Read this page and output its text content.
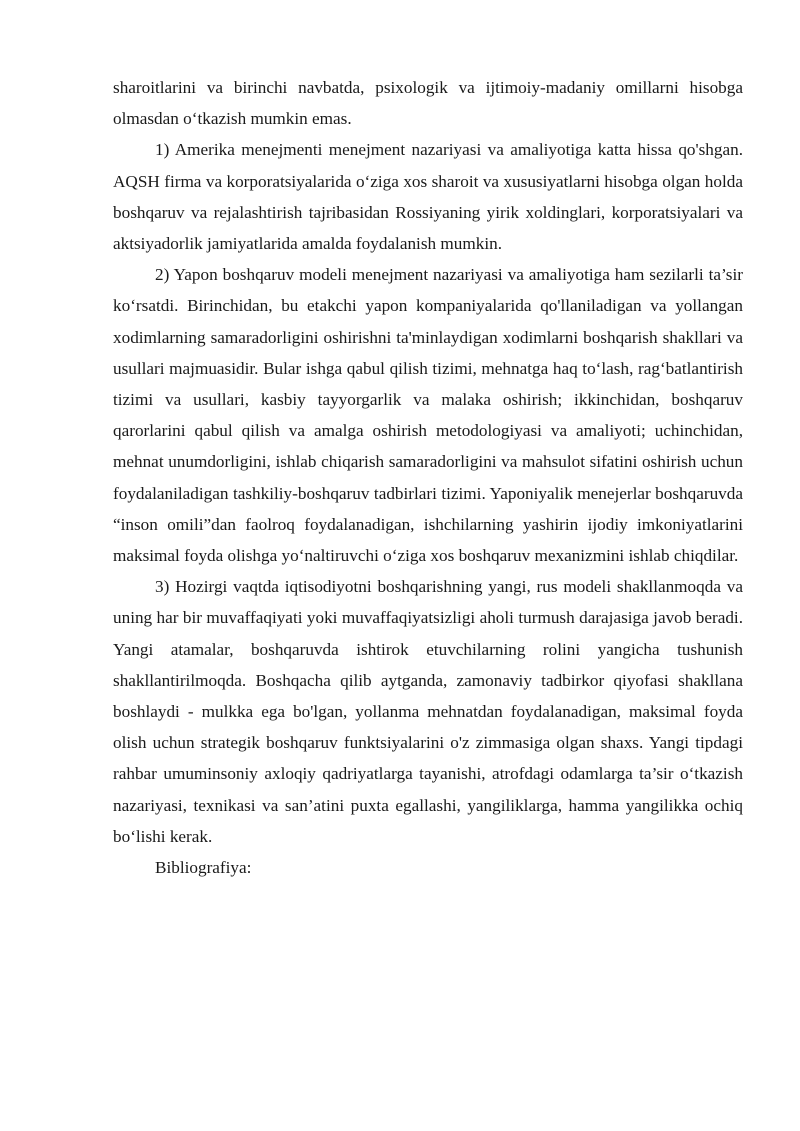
sharoitlarini va birinchi navbatda, psixologik va ijtimoiy-madaniy omillarni hisobga olmasdan o‘tkazish mumkin emas.

1) Amerika menejmenti menejment nazariyasi va amaliyotiga katta hissa qo'shgan. AQSH firma va korporatsiyalarida o‘ziga xos sharoit va xususiyatlarni hisobga olgan holda boshqaruv va rejalashtirish tajribasidan Rossiyaning yirik xoldinglari, korporatsiyalari va aktsiyadorlik jamiyatlarida amalda foydalanish mumkin.

2) Yapon boshqaruv modeli menejment nazariyasi va amaliyotiga ham sezilarli ta’sir ko‘rsatdi. Birinchidan, bu etakchi yapon kompaniyalarida qo'llaniladigan va yollangan xodimlarning samaradorligini oshirishni ta'minlaydigan xodimlarni boshqarish shakllari va usullari majmuasidir. Bular ishga qabul qilish tizimi, mehnatga haq to‘lash, rag‘batlantirish tizimi va usullari, kasbiy tayyorgarlik va malaka oshirish; ikkinchidan, boshqaruv qarorlarini qabul qilish va amalga oshirish metodologiyasi va amaliyoti; uchinchidan, mehnat unumdorligini, ishlab chiqarish samaradorligini va mahsulot sifatini oshirish uchun foydalaniladigan tashkiliy-boshqaruv tadbirlari tizimi. Yaponiyalik menejerlar boshqaruvda “inson omili”dan faolroq foydalanadigan, ishchilarning yashirin ijodiy imkoniyatlarini maksimal foyda olishga yo‘naltiruvchi o‘ziga xos boshqaruv mexanizmini ishlab chiqdilar.

3) Hozirgi vaqtda iqtisodiyotni boshqarishning yangi, rus modeli shakllanmoqda va uning har bir muvaffaqiyati yoki muvaffaqiyatsizligi aholi turmush darajasiga javob beradi. Yangi atamalar, boshqaruvda ishtirok etuvchilarning rolini yangicha tushunish shakllantirilmoqda. Boshqacha qilib aytganda, zamonaviy tadbirkor qiyofasi shakllana boshlaydi - mulkka ega bo'lgan, yollanma mehnatdan foydalanadigan, maksimal foyda olish uchun strategik boshqaruv funktsiyalarini o'z zimmasiga olgan shaxs. Yangi tipdagi rahbar umuminsoniy axloqiy qadriyatlarga tayanishi, atrofdagi odamlarga ta’sir o‘tkazish nazariyasi, texnikasi va san’atini puxta egallashi, yangiliklarga, hamma yangilikka ochiq bo‘lishi kerak.

Bibliografiya:
